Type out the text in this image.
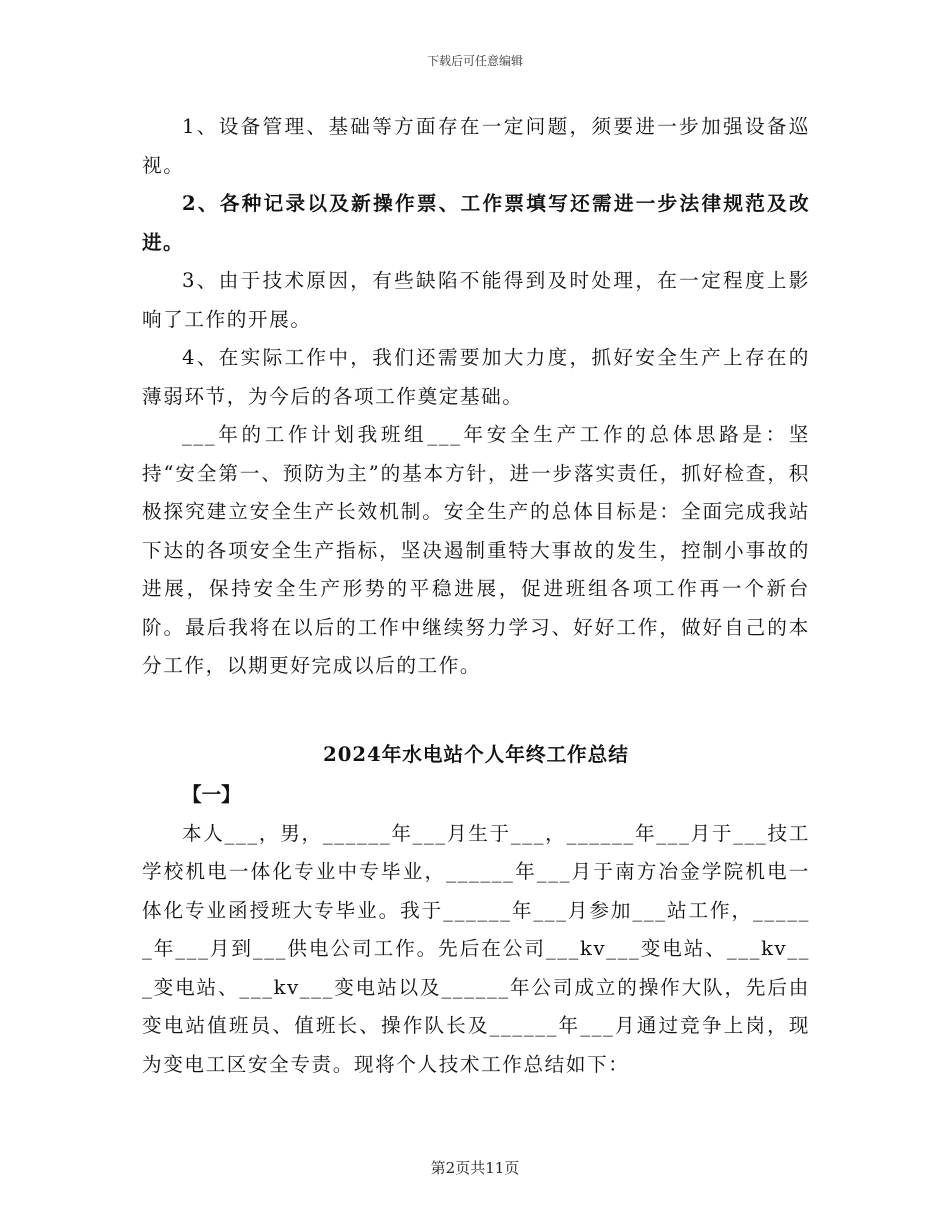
下载后可任意编辑

1、设备管理、基础等方面存在一定问题，须要进一步加强设备巡视。

2、各种记录以及新操作票、工作票填写还需进一步法律规范及改进。

3、由于技术原因，有些缺陷不能得到及时处理，在一定程度上影响了工作的开展。

4、在实际工作中，我们还需要加大力度，抓好安全生产上存在的薄弱环节，为今后的各项工作奠定基础。

___年的工作计划我班组___年安全生产工作的总体思路是：坚持“安全第一、预防为主”的基本方针，进一步落实责任，抓好检查，积极探究建立安全生产长效机制。安全生产的总体目标是：全面完成我站下达的各项安全生产指标，坚决遏制重特大事故的发生，控制小事故的进展，保持安全生产形势的平稳进展，促进班组各项工作再一个新台阶。最后我将在以后的工作中继续努力学习、好好工作，做好自己的本分工作，以期更好完成以后的工作。

2024年水电站个人年终工作总结

【一】

本人___，男，______年___月生于___，______年___月于___技工学校机电一体化专业中专毕业，______年___月于南方冶金学院机电一体化专业函授班大专毕业。我于______年___月参加___站工作，______年___月到___供电公司工作。先后在公司___kv___变电站、___kv___变电站、___kv___变电站以及______年公司成立的操作大队，先后由变电站值班员、值班长、操作队长及______年___月通过竞争上岗，现为变电工区安全专责。现将个人技术工作总结如下：

第2页共11页
